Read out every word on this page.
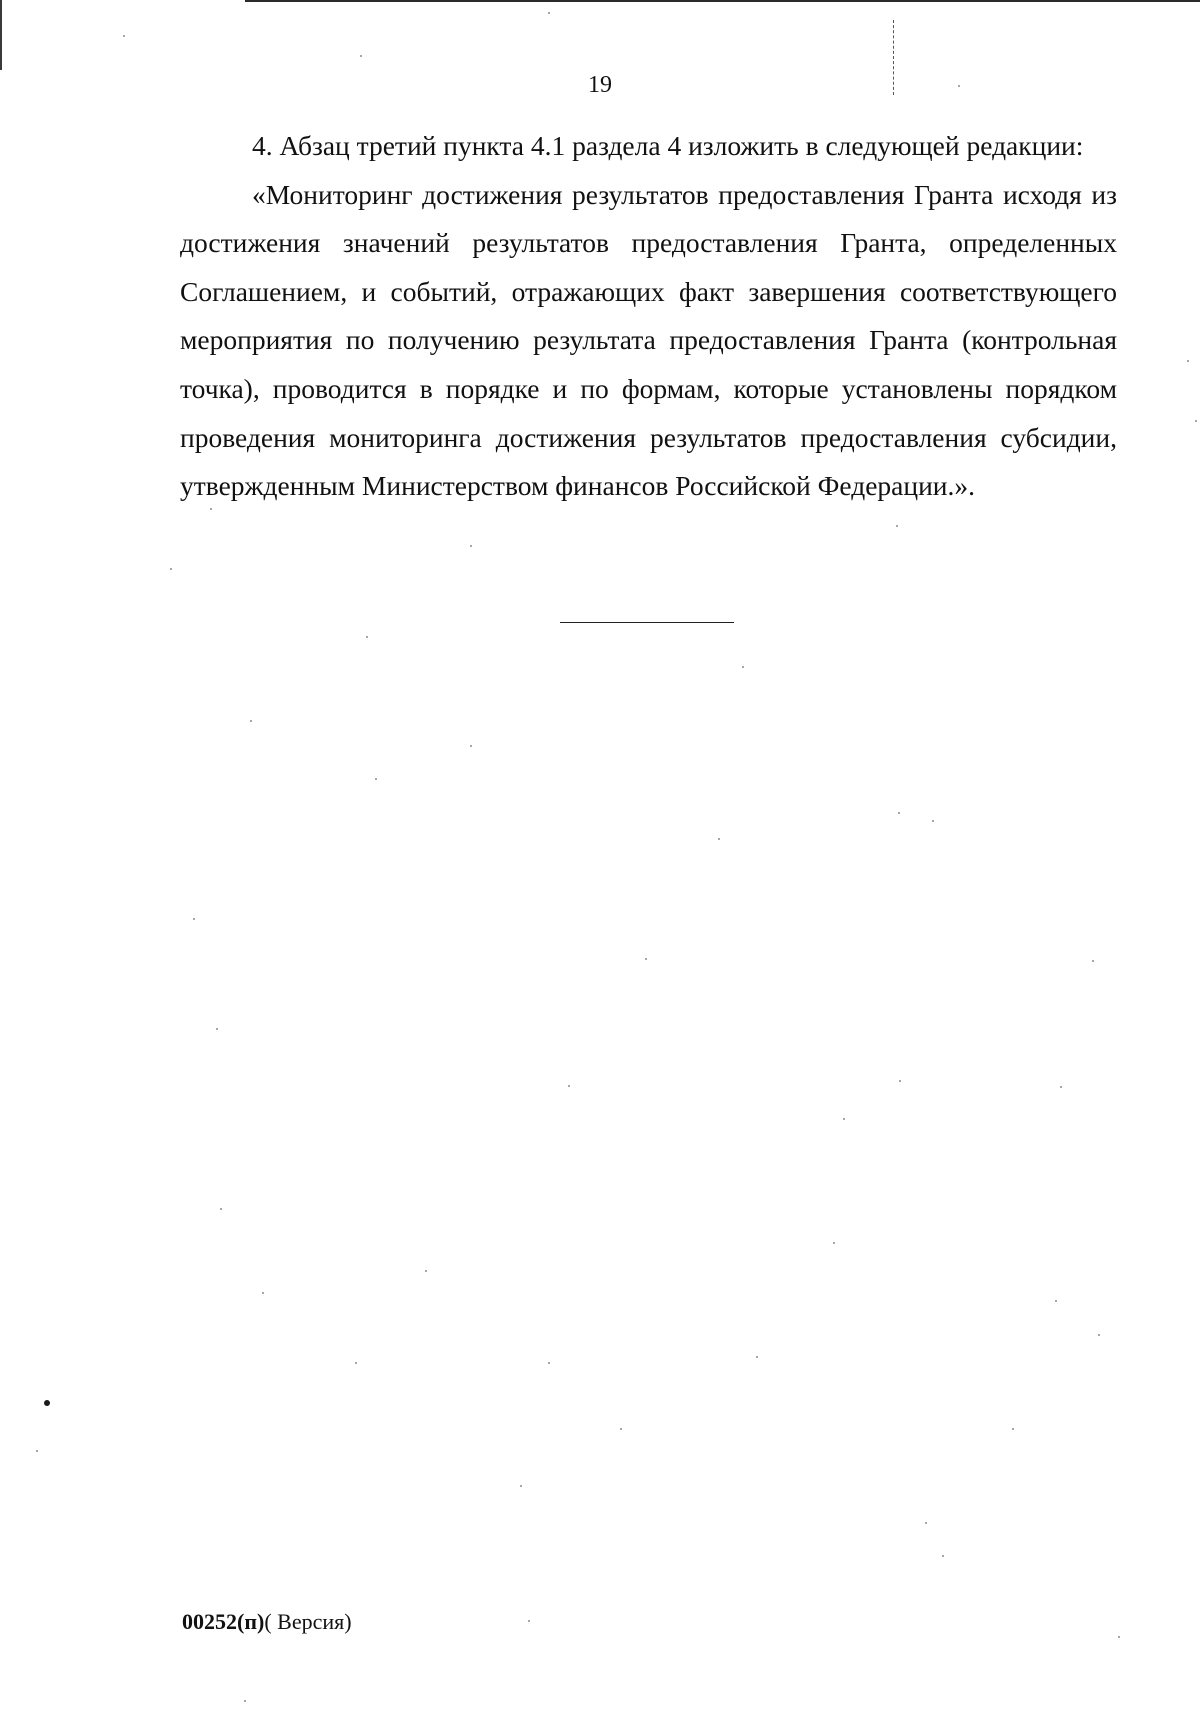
19

4. Абзац третий пункта 4.1 раздела 4 изложить в следующей редакции:

«Мониторинг достижения результатов предоставления Гранта исходя из достижения значений результатов предоставления Гранта, определенных Соглашением, и событий, отражающих факт завершения соответствующего мероприятия по получению результата предоставления Гранта (контрольная точка), проводится в порядке и по формам, которые установлены порядком проведения мониторинга достижения результатов предоставления субсидии, утвержденным Министерством финансов Российской Федерации.».

00252(п)( Версия)
